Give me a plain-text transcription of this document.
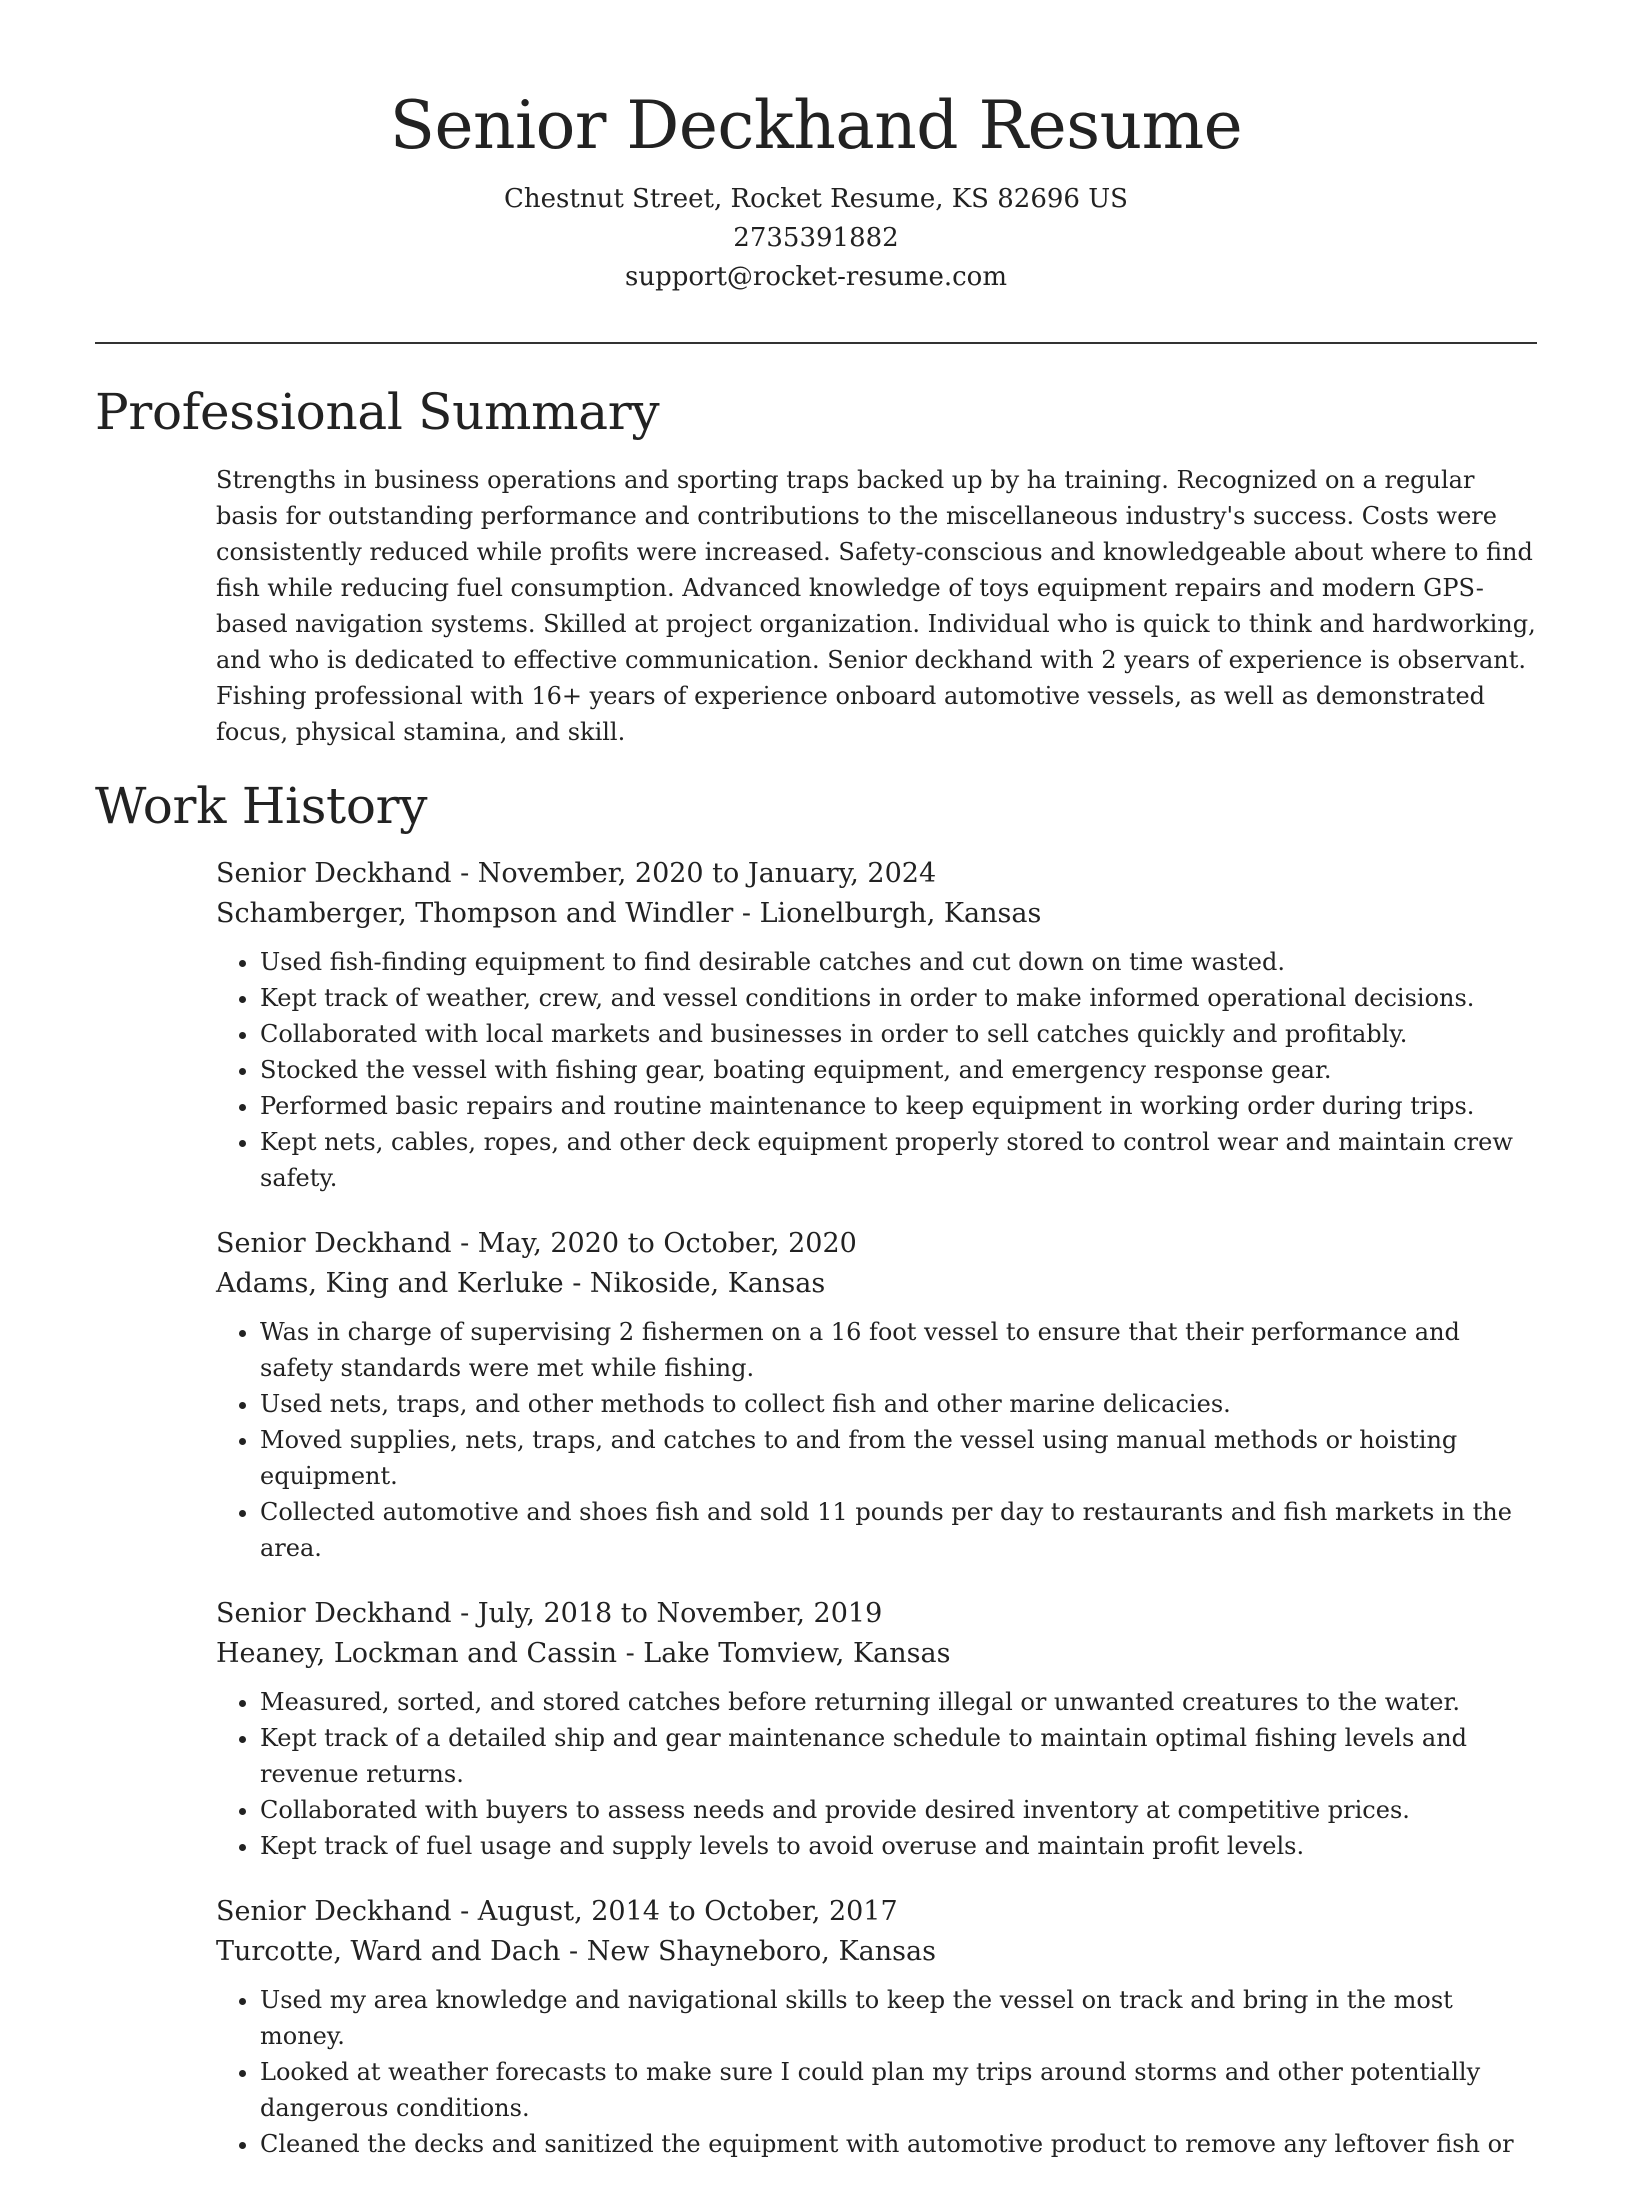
Senior Deckhand Resume

Chestnut Street, Rocket Resume, KS 82696 US

2735391882

support@rocket-resume.com

Professional Summary

Strengths in business operations and sporting traps backed up by ha training. Recognized on a regular basis for outstanding performance and contributions to the miscellaneous industry's success. Costs were consistently reduced while profits were increased. Safety-conscious and knowledgeable about where to find fish while reducing fuel consumption. Advanced knowledge of toys equipment repairs and modern GPS-based navigation systems. Skilled at project organization. Individual who is quick to think and hardworking, and who is dedicated to effective communication. Senior deckhand with 2 years of experience is observant. Fishing professional with 16+ years of experience onboard automotive vessels, as well as demonstrated focus, physical stamina, and skill.

Work History

Senior Deckhand - November, 2020 to January, 2024

Schamberger, Thompson and Windler - Lionelburgh, Kansas

• Used fish-finding equipment to find desirable catches and cut down on time wasted.
• Kept track of weather, crew, and vessel conditions in order to make informed operational decisions.
• Collaborated with local markets and businesses in order to sell catches quickly and profitably.
• Stocked the vessel with fishing gear, boating equipment, and emergency response gear.
• Performed basic repairs and routine maintenance to keep equipment in working order during trips.
• Kept nets, cables, ropes, and other deck equipment properly stored to control wear and maintain crew safety.

Senior Deckhand - May, 2020 to October, 2020

Adams, King and Kerluke - Nikoside, Kansas

• Was in charge of supervising 2 fishermen on a 16 foot vessel to ensure that their performance and safety standards were met while fishing.
• Used nets, traps, and other methods to collect fish and other marine delicacies.
• Moved supplies, nets, traps, and catches to and from the vessel using manual methods or hoisting equipment.
• Collected automotive and shoes fish and sold 11 pounds per day to restaurants and fish markets in the area.

Senior Deckhand - July, 2018 to November, 2019

Heaney, Lockman and Cassin - Lake Tomview, Kansas

• Measured, sorted, and stored catches before returning illegal or unwanted creatures to the water.
• Kept track of a detailed ship and gear maintenance schedule to maintain optimal fishing levels and revenue returns.
• Collaborated with buyers to assess needs and provide desired inventory at competitive prices.
• Kept track of fuel usage and supply levels to avoid overuse and maintain profit levels.

Senior Deckhand - August, 2014 to October, 2017

Turcotte, Ward and Dach - New Shayneboro, Kansas

• Used my area knowledge and navigational skills to keep the vessel on track and bring in the most money.
• Looked at weather forecasts to make sure I could plan my trips around storms and other potentially dangerous conditions.
• Cleaned the decks and sanitized the equipment with automotive product to remove any leftover fish or
